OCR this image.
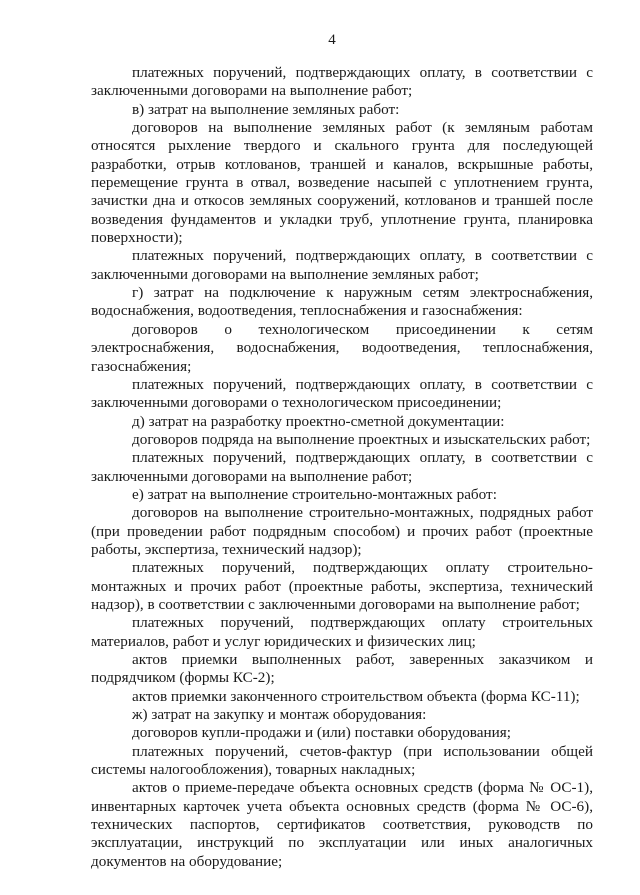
4

платежных поручений, подтверждающих оплату, в соответствии с заключенными договорами на выполнение работ;

в) затрат на выполнение земляных работ:

договоров на выполнение земляных работ (к земляным работам относятся рыхление твердого и скального грунта для последующей разработки, отрыв котлованов, траншей и каналов, вскрышные работы, перемещение грунта в отвал, возведение насыпей с уплотнением грунта, зачистки дна и откосов земляных сооружений, котлованов и траншей после возведения фундаментов и укладки труб, уплотнение грунта, планировка поверхности);

платежных поручений, подтверждающих оплату, в соответствии с заключенными договорами на выполнение земляных работ;

г) затрат на подключение к наружным сетям электроснабжения, водоснабжения, водоотведения, теплоснабжения и газоснабжения:

договоров о технологическом присоединении к сетям электроснабжения, водоснабжения, водоотведения, теплоснабжения, газоснабжения;

платежных поручений, подтверждающих оплату, в соответствии с заключенными договорами о технологическом присоединении;

д) затрат на разработку проектно-сметной документации:

договоров подряда на выполнение проектных и изыскательских работ;

платежных поручений, подтверждающих оплату, в соответствии с заключенными договорами на выполнение работ;

е) затрат на выполнение строительно-монтажных работ:

договоров на выполнение строительно-монтажных, подрядных работ (при проведении работ подрядным способом) и прочих работ (проектные работы, экспертиза, технический надзор);

платежных поручений, подтверждающих оплату строительно-монтажных и прочих работ (проектные работы, экспертиза, технический надзор), в соответствии с заключенными договорами на выполнение работ;

платежных поручений, подтверждающих оплату строительных материалов, работ и услуг юридических и физических лиц;

актов приемки выполненных работ, заверенных заказчиком и подрядчиком (формы КС-2);

актов приемки законченного строительством объекта (форма КС-11);

ж) затрат на закупку и монтаж оборудования:

договоров купли-продажи и (или) поставки оборудования;

платежных поручений, счетов-фактур (при использовании общей системы налогообложения), товарных накладных;

актов о приеме-передаче объекта основных средств (форма № ОС-1), инвентарных карточек учета объекта основных средств (форма № ОС-6), технических паспортов, сертификатов соответствия, руководств по эксплуатации, инструкций по эксплуатации или иных аналогичных документов на оборудование;
